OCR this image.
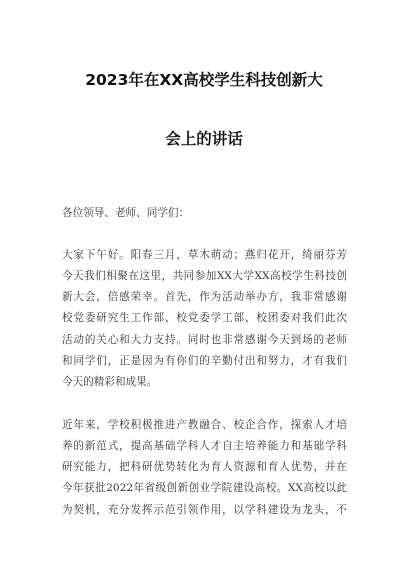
2023年在XX高校学生科技创新大
会上的讲话
各位领导、老师、同学们：
大家下午好。阳春三月，草木萌动；燕归花开，绮丽芬芳
今天我们相聚在这里，共同参加XX大学XX高校学生科技创
新大会，倍感荣幸。首先，作为活动举办方，我非常感谢
校党委研究生工作部、校党委学工部、校团委对我们此次
活动的关心和大力支持。同时也非常感谢今天到场的老师
和同学们，正是因为有你们的辛勤付出和努力，才有我们
今天的精彩和成果。
近年来，学校积极推进产教融合、校企合作，探索人才培
养的新范式，提高基础学科人才自主培养能力和基础学科
研究能力，把科研优势转化为育人资源和育人优势，并在
今年获批2022年省级创新创业学院建设高校。XX高校以此
为契机，充分发挥示范引领作用，以学科建设为龙头，不
